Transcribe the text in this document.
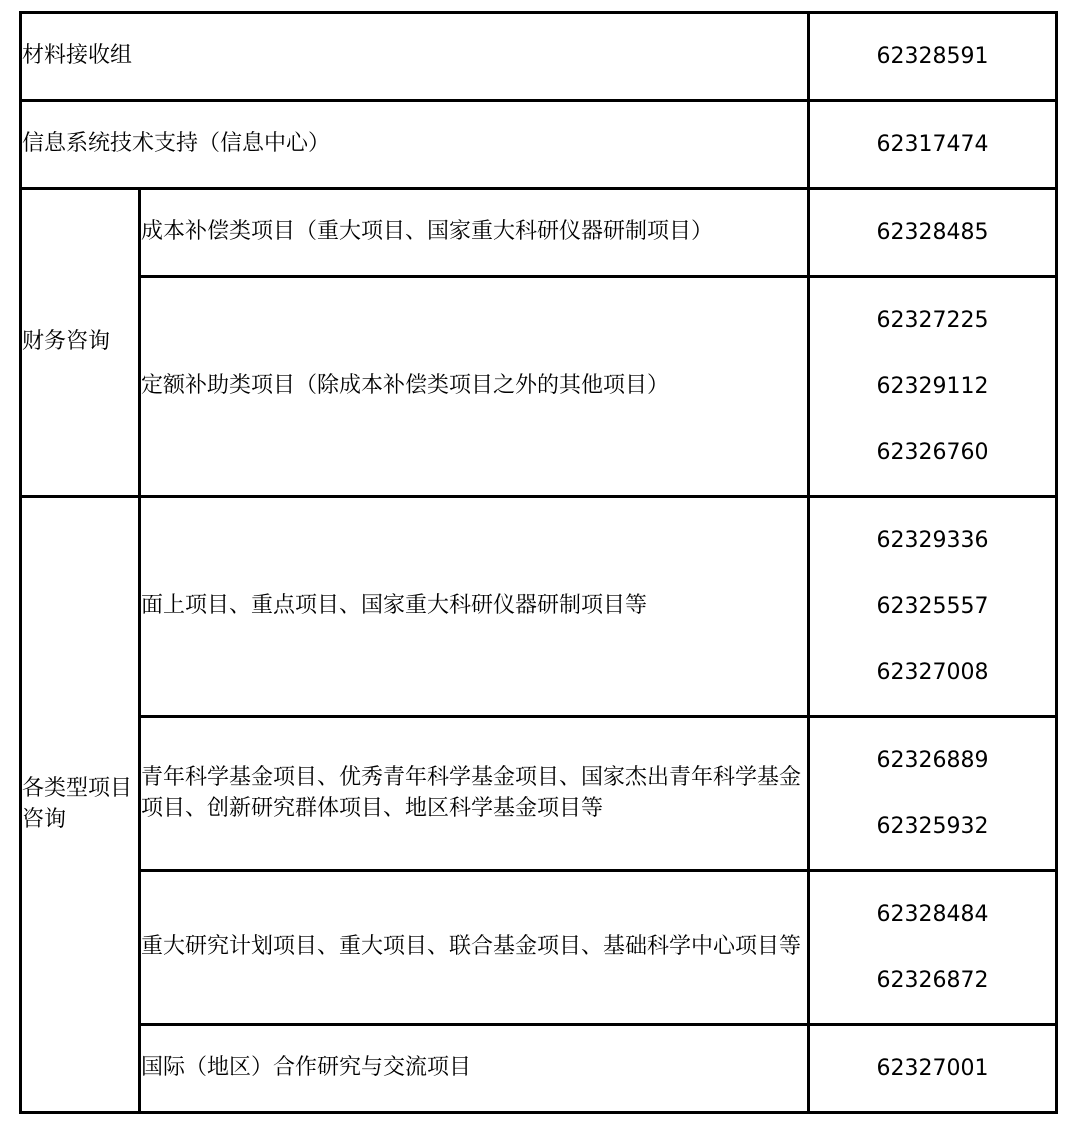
材料接收组		62328591

信息系统技术支持（信息中心）		62317474

财务咨询	成本补偿类项目（重大项目、国家重大科研仪器研制项目）	62328485

	定额补助类项目（除成本补偿类项目之外的其他项目）	62327225
62329112
62326760

各类型项目咨询	面上项目、重点项目、国家重大科研仪器研制项目等	62329336
62325557
62327008

	青年科学基金项目、优秀青年科学基金项目、国家杰出青年科学基金项目、创新研究群体项目、地区科学基金项目等	62326889
62325932

	重大研究计划项目、重大项目、联合基金项目、基础科学中心项目等	62328484
62326872

	国际（地区）合作研究与交流项目	62327001
